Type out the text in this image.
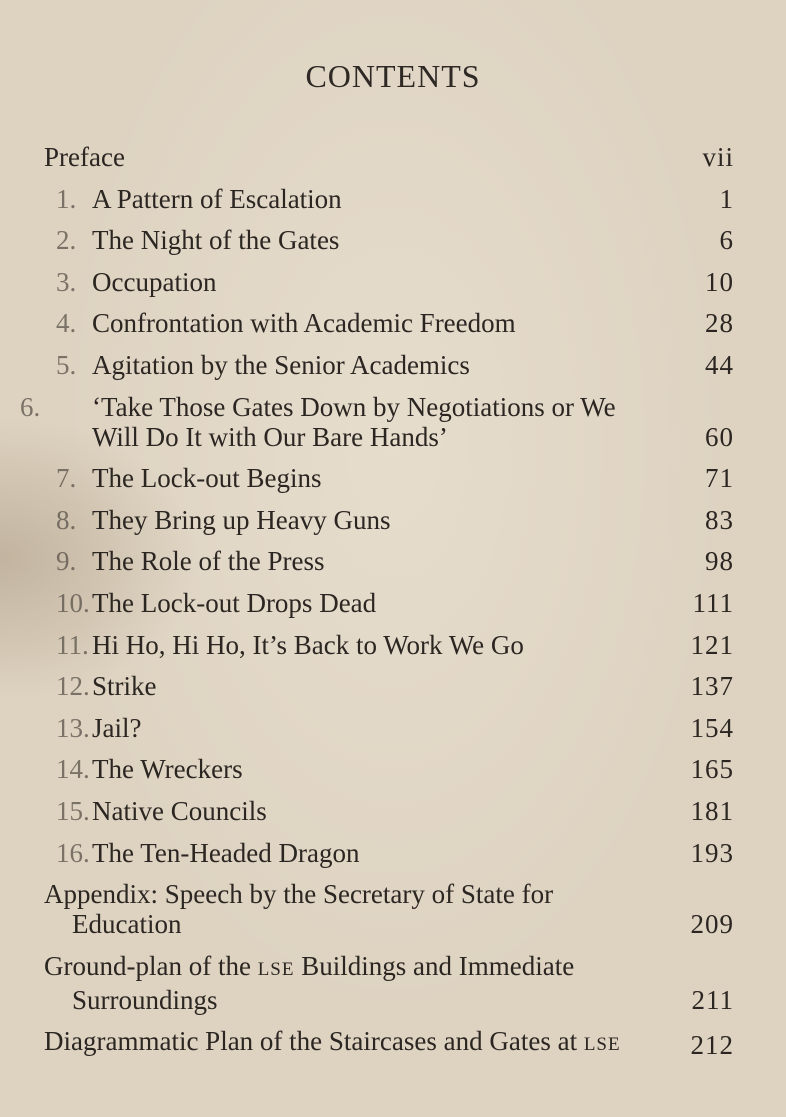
CONTENTS
Preface	vii
1. A Pattern of Escalation	1
2. The Night of the Gates	6
3. Occupation	10
4. Confrontation with Academic Freedom	28
5. Agitation by the Senior Academics	44
6. ‘Take Those Gates Down by Negotiations or We Will Do It with Our Bare Hands’	60
7. The Lock-out Begins	71
8. They Bring up Heavy Guns	83
9. The Role of the Press	98
10.The Lock-out Drops Dead	111
11. Hi Ho, Hi Ho, It’s Back to Work We Go	121
12.Strike	137
13.Jail?	154
14.The Wreckers	165
15.Native Councils	181
16.The Ten-Headed Dragon	193
Appendix: Speech by the Secretary of State for Education	209
Ground-plan of the LSE Buildings and Immediate Surroundings	211
Diagrammatic Plan of the Staircases and Gates at LSE	212
